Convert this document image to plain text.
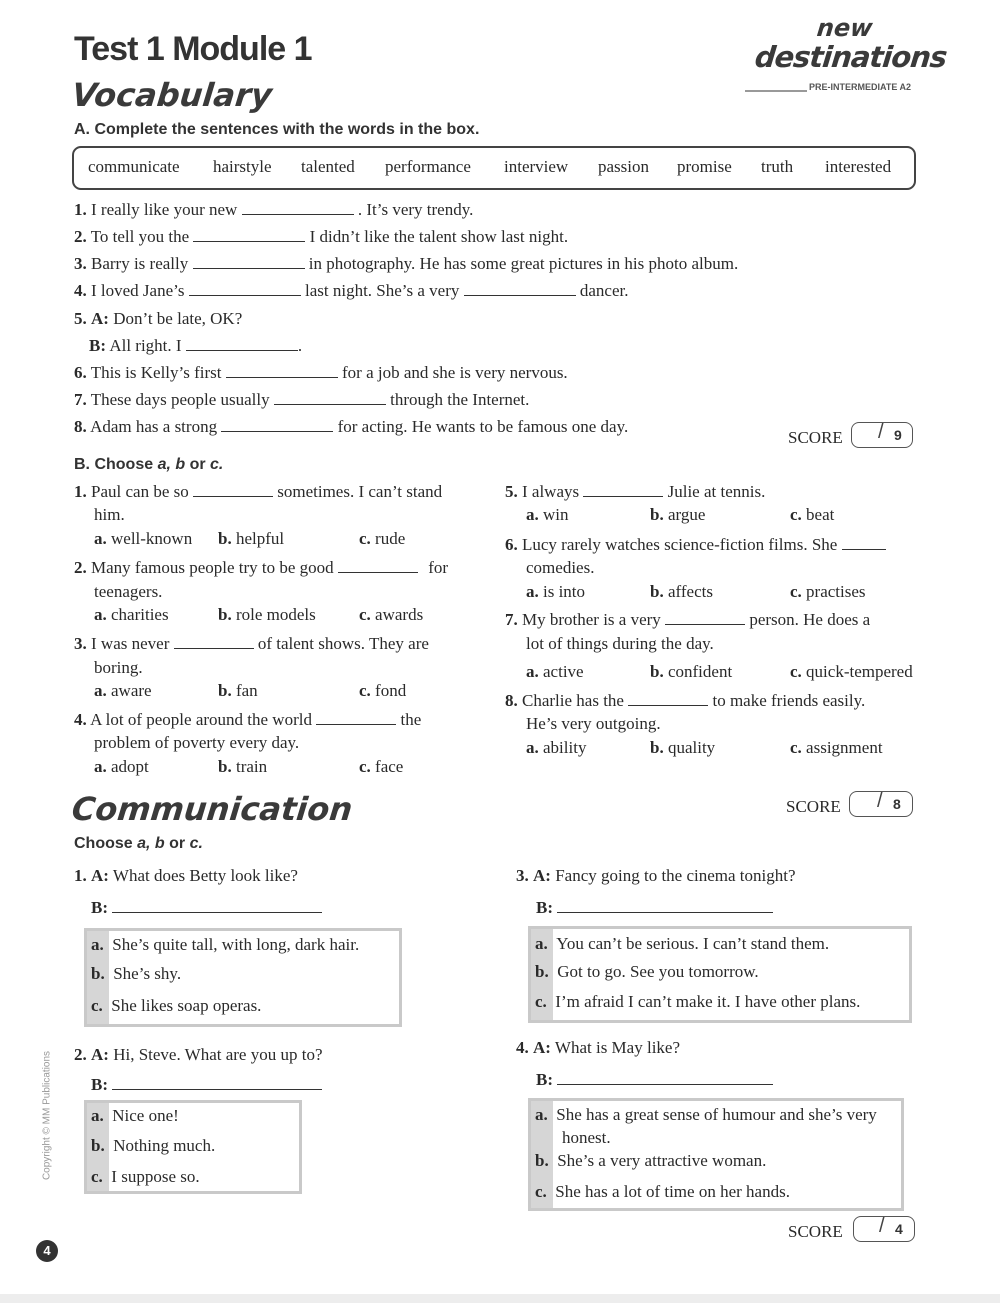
Test 1 Module 1
new
destinations
PRE-INTERMEDIATE A2
Vocabulary
A. Complete the sentences with the words in the box.
communicate hairstyle talented performance interview passion promise truth interested
1. I really like your new	. It’s very trendy.
2. To tell you the	I didn’t like the talent show last night.
3. Barry is really	in photography. He has some great pictures in his photo album.
4. I loved Jane’s	last night. She’s a very	dancer.
5. A: Don’t be late, OK?
B: All right. I	.
6. This is Kelly’s first	for a job and she is very nervous.
7. These days people usually	through the Internet.
8. Adam has a strong	for acting. He wants to be famous one day.
SCORE / 9
B. Choose a, b or c.
1. Paul can be so	sometimes. I can’t stand
him.
a. well-known b. helpful	c. rude
2. Many famous people try to be good	for
teenagers.
a. charities	b. role models	c. awards
3. I was never	of talent shows. They are
boring.
a. aware	b. fan	c. fond
4. A lot of people around the world	the
problem of poverty every day.
a. adopt	b. train	c. face
5. I always	Julie at tennis.
a. win	b. argue	c. beat
6. Lucy rarely watches science-fiction films. She
comedies.
a. is into	b. affects	c. practises
7. My brother is a very	person. He does a
lot of things during the day.
a. active	b. confident	c. quick-tempered
8. Charlie has the	to make friends easily.
He’s very outgoing.
a. ability	b. quality	c. assignment
SCORE / 8
Communication
Choose a, b or c.
1. A: What does Betty look like?
B:
a. She’s quite tall, with long, dark hair.
b. She’s shy.
c. She likes soap operas.
2. A: Hi, Steve. What are you up to?
B:
a. Nice one!
b. Nothing much.
c. I suppose so.
3. A: Fancy going to the cinema tonight?
B:
a. You can’t be serious. I can’t stand them.
b. Got to go. See you tomorrow.
c. I’m afraid I can’t make it. I have other plans.
4. A: What is May like?
B:
a. She has a great sense of humour and she’s very
honest.
b. She’s a very attractive woman.
c. She has a lot of time on her hands.
SCORE / 4
Copyright © MM Publications
4
